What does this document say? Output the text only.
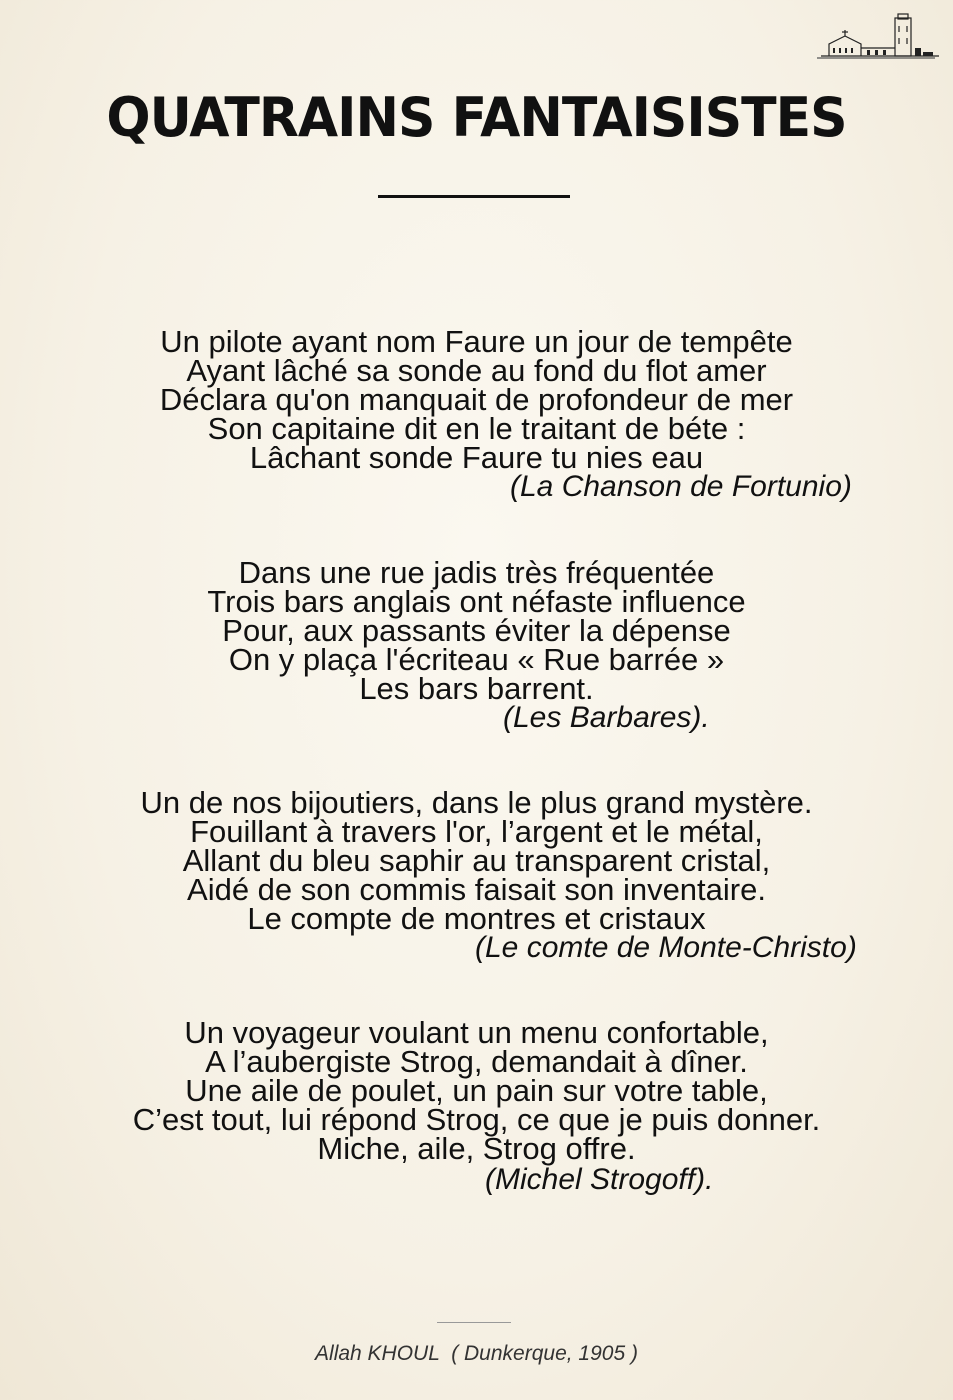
QUATRAINS FANTAISISTES
Un pilote ayant nom Faure un jour de tempête
Ayant lâché sa sonde au fond du flot amer
Déclara qu'on manquait de profondeur de mer
Son capitaine dit en le traitant de béte :
Lâchant sonde Faure tu nies eau
(La Chanson de Fortunio)
Dans une rue jadis très fréquentée
Trois bars anglais ont néfaste influence
Pour, aux passants éviter la dépense
On y plaça l'écriteau « Rue barrée »
Les bars barrent.
(Les Barbares).
Un de nos bijoutiers, dans le plus grand mystère.
Fouillant à travers l'or, l’argent et le métal,
Allant du bleu saphir au transparent cristal,
Aidé de son commis faisait son inventaire.
Le compte de montres et cristaux
(Le comte de Monte-Christo)
Un voyageur voulant un menu confortable,
A l’aubergiste Strog, demandait à dîner.
Une aile de poulet, un pain sur votre table,
C’est tout, lui répond Strog, ce que je puis donner.
Miche, aile, Strog offre.
(Michel Strogoff).
Allah KHOUL  ( Dunkerque, 1905 )
